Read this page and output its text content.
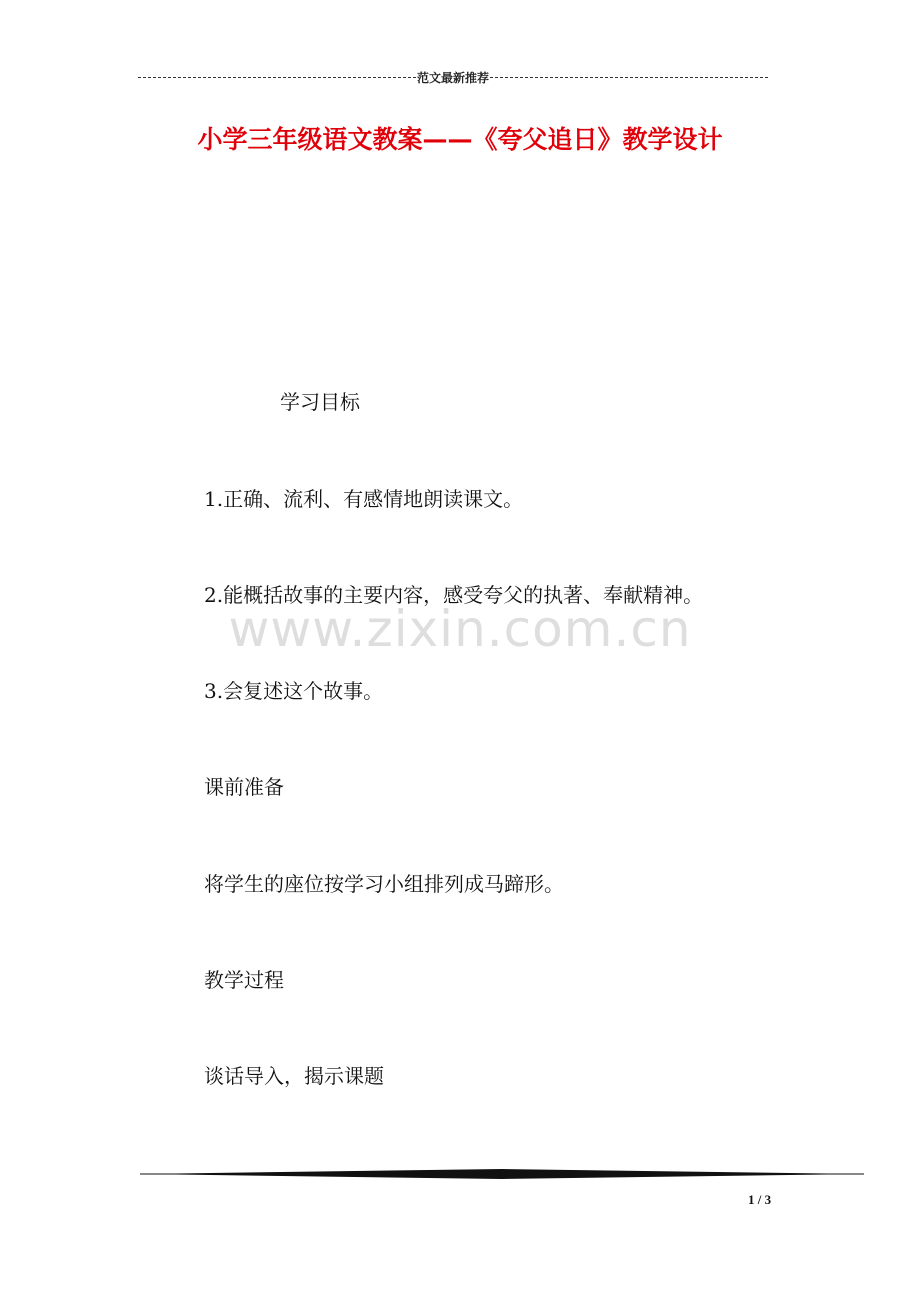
范文最新推荐
小学三年级语文教案——《夸父追日》教学设计
学习目标
1.正确、流利、有感情地朗读课文。
2.能概括故事的主要内容，感受夸父的执著、奉献精神。
3.会复述这个故事。
课前准备
将学生的座位按学习小组排列成马蹄形。
教学过程
谈话导入，揭示课题
www.zixin.com.cn
1 / 3
